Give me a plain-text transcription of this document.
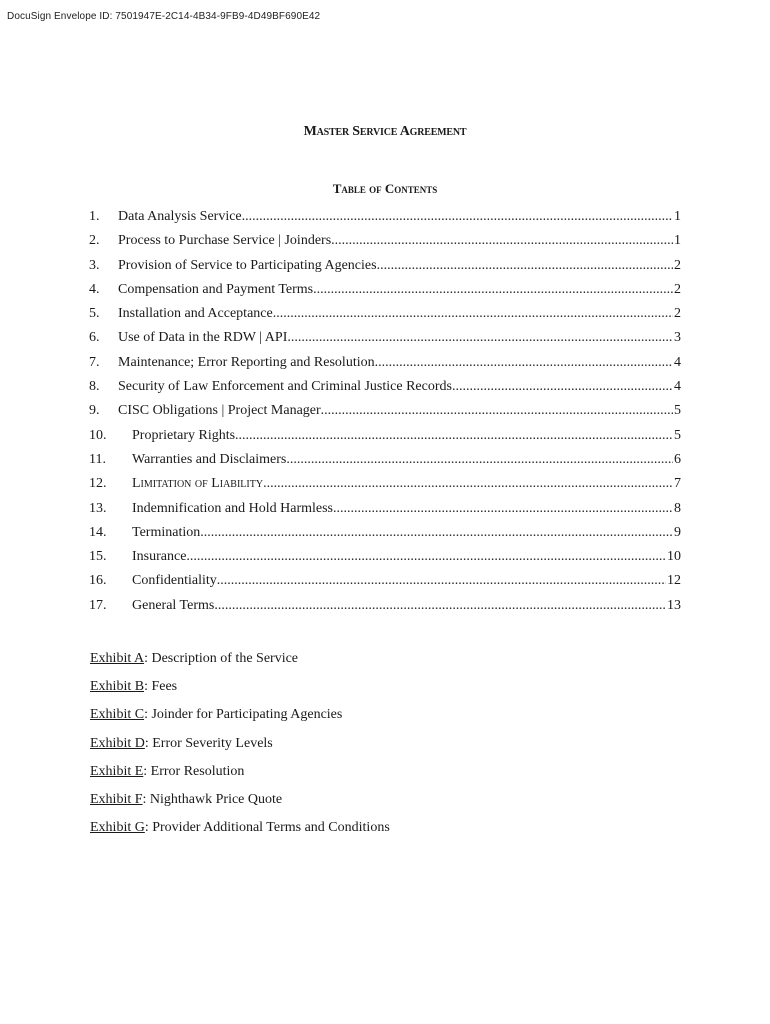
DocuSign Envelope ID: 7501947E-2C14-4B34-9FB9-4D49BF690E42
Master Service Agreement
Table of Contents
1.	Data Analysis Service .....	1
2.	Process to Purchase Service | Joinders .....	1
3.	Provision of Service to Participating Agencies .....	2
4.	Compensation and Payment Terms .....	2
5.	Installation and Acceptance .....	2
6.	Use of Data in the RDW | API .....	3
7.	Maintenance; Error Reporting and Resolution .....	4
8.	Security of Law Enforcement and Criminal Justice Records .....	4
9.	CISC Obligations | Project Manager .....	5
10.	Proprietary Rights .....	5
11.	Warranties and Disclaimers .....	6
12.	Limitation of Liability .....	7
13.	Indemnification and Hold Harmless .....	8
14.	Termination .....	9
15.	Insurance .....	10
16.	Confidentiality .....	12
17.	General Terms .....	13
Exhibit A: Description of the Service
Exhibit B: Fees
Exhibit C: Joinder for Participating Agencies
Exhibit D: Error Severity Levels
Exhibit E: Error Resolution
Exhibit F: Nighthawk Price Quote
Exhibit G: Provider Additional Terms and Conditions
